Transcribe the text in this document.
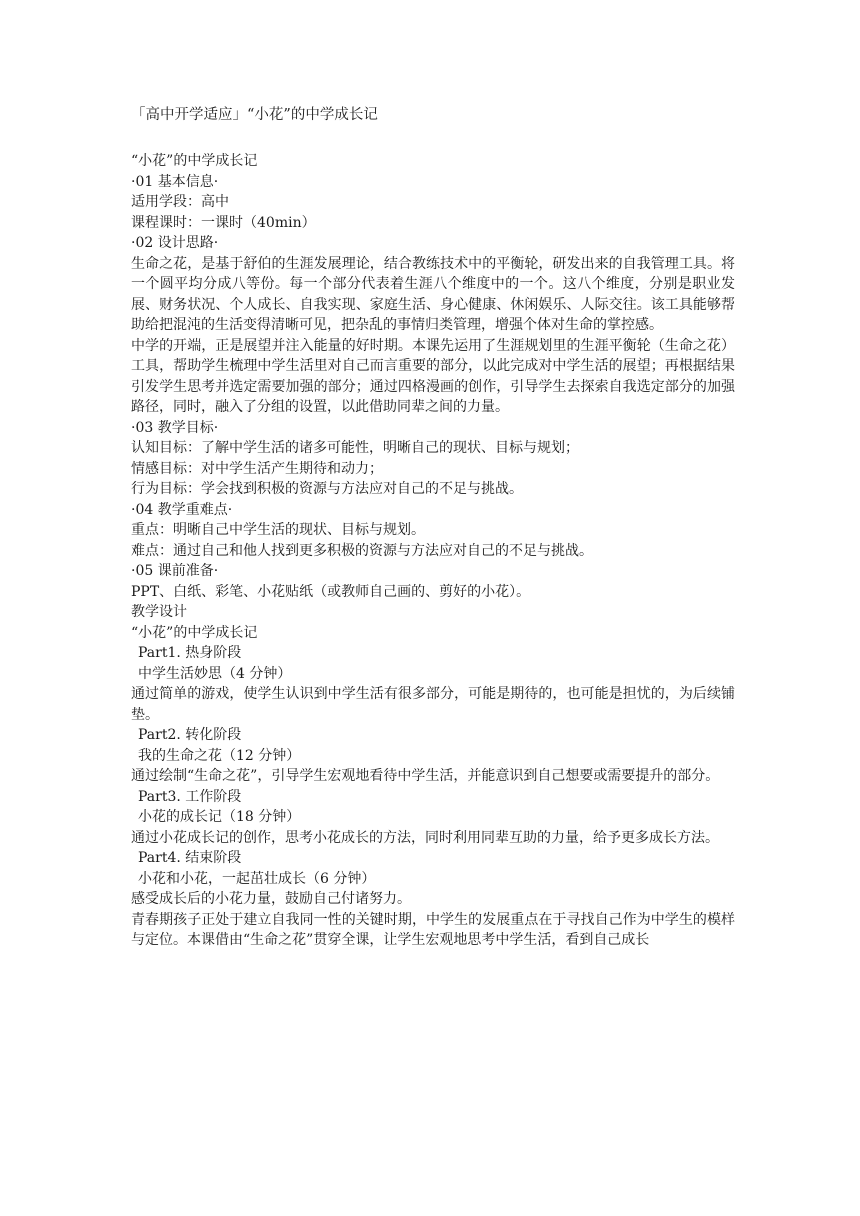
「高中开学适应」“小花”的中学成长记
“小花”的中学成长记
·01 基本信息·
适用学段：高中
课程课时：一课时（40min）
·02 设计思路·
生命之花，是基于舒伯的生涯发展理论，结合教练技术中的平衡轮，研发出来的自我管理工具。将一个圆平均分成八等份。每一个部分代表着生涯八个维度中的一个。这八个维度，分别是职业发展、财务状况、个人成长、自我实现、家庭生活、身心健康、休闲娱乐、人际交往。该工具能够帮助给把混沌的生活变得清晰可见，把杂乱的事情归类管理，增强个体对生命的掌控感。
中学的开端，正是展望并注入能量的好时期。本课先运用了生涯规划里的生涯平衡轮（生命之花）工具，帮助学生梳理中学生活里对自己而言重要的部分，以此完成对中学生活的展望；再根据结果引发学生思考并选定需要加强的部分；通过四格漫画的创作，引导学生去探索自我选定部分的加强路径，同时，融入了分组的设置，以此借助同辈之间的力量。
·03 教学目标·
认知目标：了解中学生活的诸多可能性，明晰自己的现状、目标与规划；
情感目标：对中学生活产生期待和动力；
行为目标：学会找到积极的资源与方法应对自己的不足与挑战。
·04 教学重难点·
重点：明晰自己中学生活的现状、目标与规划。
难点：通过自己和他人找到更多积极的资源与方法应对自己的不足与挑战。
·05 课前准备·
PPT、白纸、彩笔、小花贴纸（或教师自己画的、剪好的小花）。
教学设计
“小花”的中学成长记
Part1. 热身阶段
中学生活妙思（4 分钟）
通过简单的游戏，使学生认识到中学生活有很多部分，可能是期待的，也可能是担忧的，为后续铺垫。
Part2. 转化阶段
我的生命之花（12 分钟）
通过绘制“生命之花”，引导学生宏观地看待中学生活，并能意识到自己想要或需要提升的部分。
Part3. 工作阶段
小花的成长记（18 分钟）
通过小花成长记的创作，思考小花成长的方法，同时利用同辈互助的力量，给予更多成长方法。
Part4. 结束阶段
小花和小花，一起茁壮成长（6 分钟）
感受成长后的小花力量，鼓励自己付诸努力。
青春期孩子正处于建立自我同一性的关键时期，中学生的发展重点在于寻找自己作为中学生的模样与定位。本课借由“生命之花”贯穿全课，让学生宏观地思考中学生活，看到自己成长
